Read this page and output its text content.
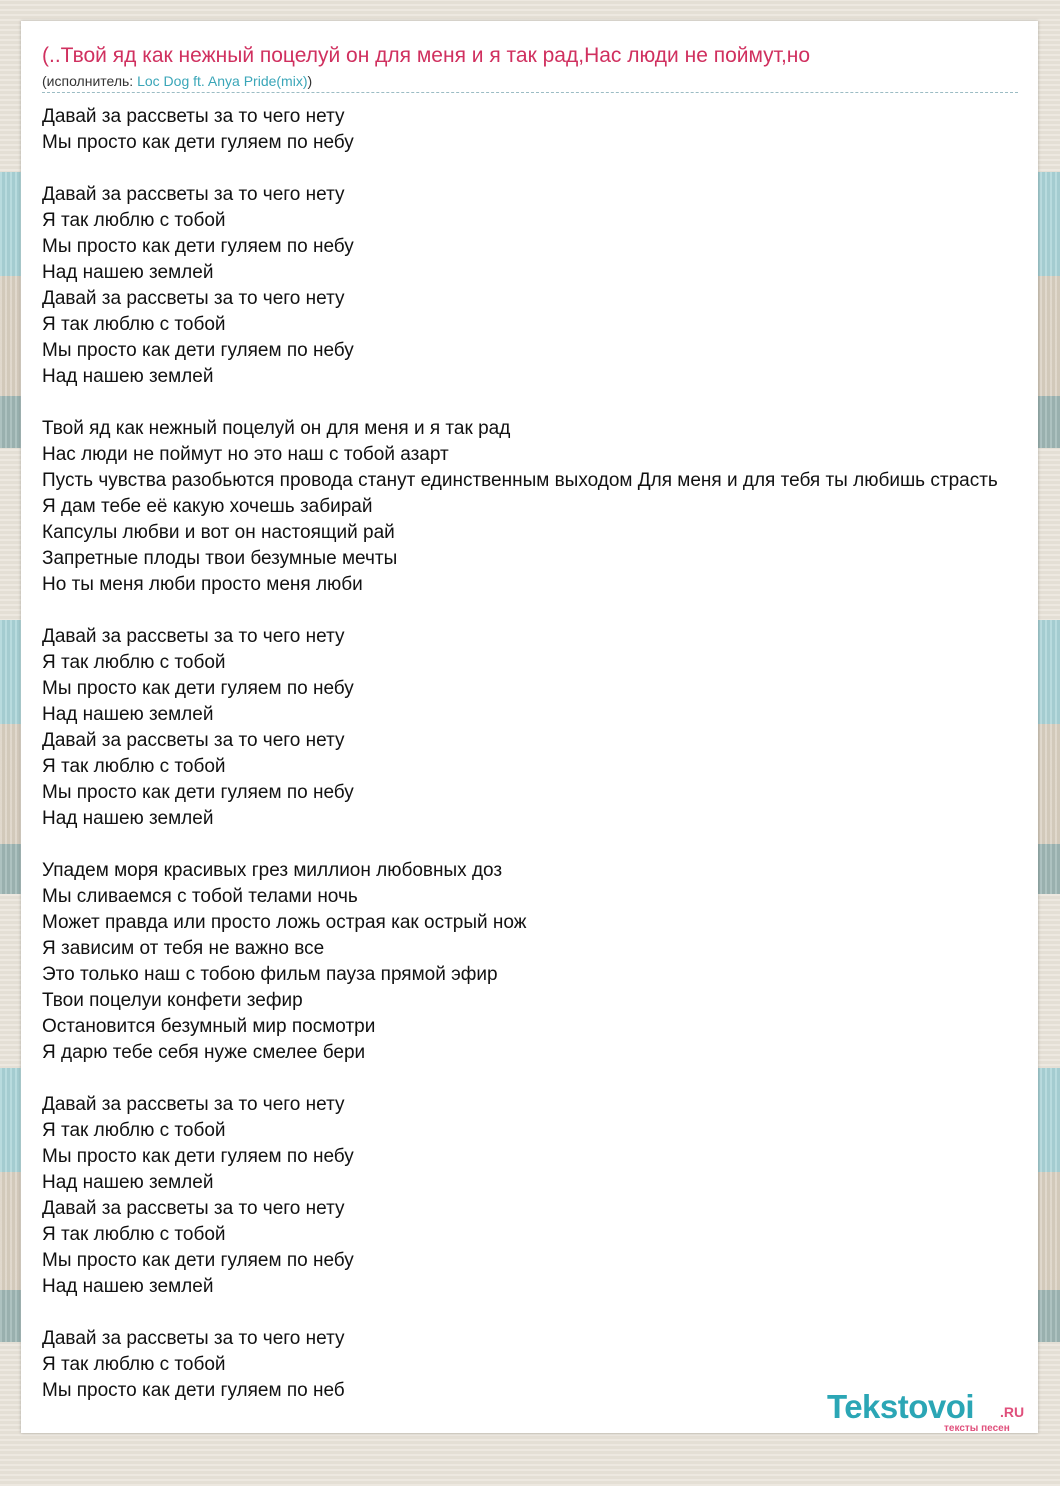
(..Твой яд как нежный поцелуй он для меня и я так рад,Нас люди не поймут,но
(исполнитель: Loc Dog ft. Anya Pride(mix))
Давай за рассветы за то чего нету
Мы просто как дети гуляем по небу
Давай за рассветы за то чего нету
Я так люблю с тобой
Мы просто как дети гуляем по небу
Над нашею землей
Давай за рассветы за то чего нету
Я так люблю с тобой
Мы просто как дети гуляем по небу
Над нашею землей
Твой яд как нежный поцелуй он для меня и я так рад
Нас люди не поймут но это наш с тобой азарт
Пусть чувства разобьются провода станут единственным выходом Для меня и для тебя ты любишь страсть
Я дам тебе её какую хочешь забирай
Капсулы любви и вот он настоящий рай
Запретные плоды твои безумные мечты
Но ты меня люби просто меня люби
Давай за рассветы за то чего нету
Я так люблю с тобой
Мы просто как дети гуляем по небу
Над нашею землей
Давай за рассветы за то чего нету
Я так люблю с тобой
Мы просто как дети гуляем по небу
Над нашею землей
Упадем моря красивых грез миллион любовных доз
Мы сливаемся с тобой телами ночь
Может правда или просто ложь острая как острый нож
Я зависим от тебя не важно все
Это только наш с тобою фильм пауза прямой эфир
Твои поцелуи конфети зефир
Остановится безумный мир посмотри
Я дарю тебе себя нуже смелее бери
Давай за рассветы за то чего нету
Я так люблю с тобой
Мы просто как дети гуляем по небу
Над нашею землей
Давай за рассветы за то чего нету
Я так люблю с тобой
Мы просто как дети гуляем по небу
Над нашею землей
Давай за рассветы за то чего нету
Я так люблю с тобой
Мы просто как дети гуляем по неб	Tekstovoi .RU
тексты песен
